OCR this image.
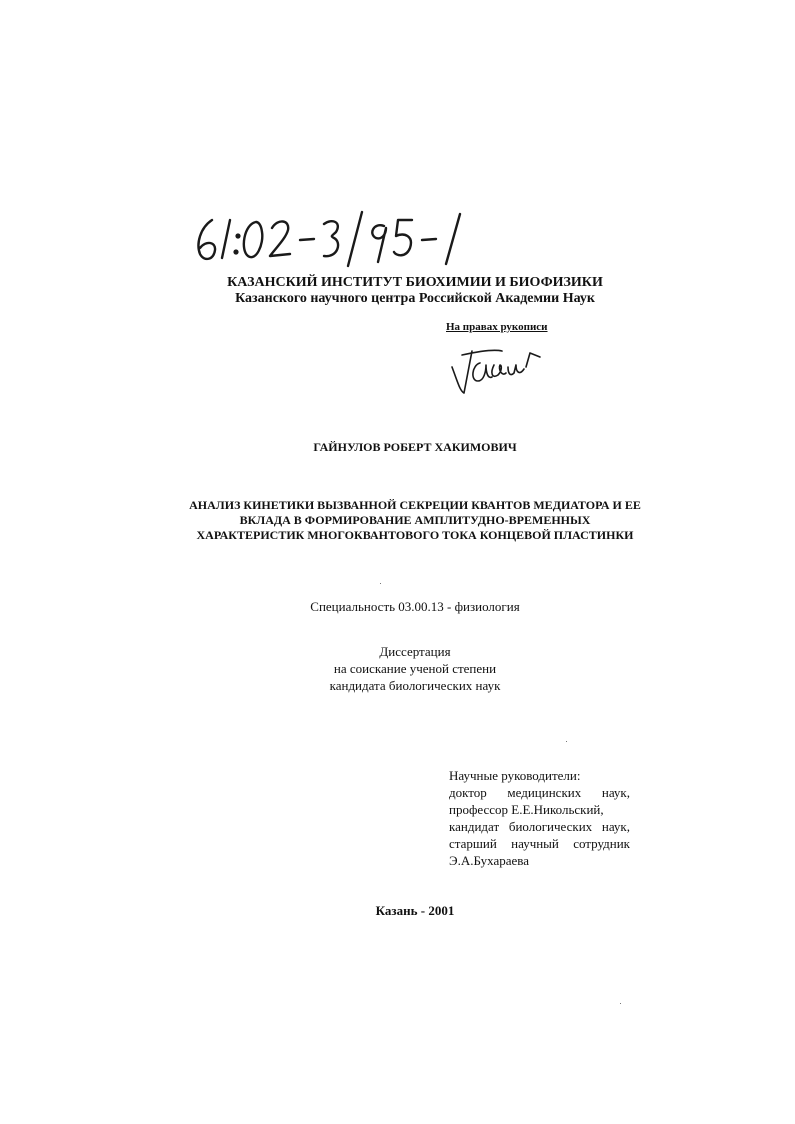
КАЗАНСКИЙ ИНСТИТУТ БИОХИМИИ И БИОФИЗИКИ
Казанского научного центра Российской Академии Наук
На правах рукописи
ГАЙНУЛОВ РОБЕРТ ХАКИМОВИЧ
АНАЛИЗ КИНЕТИКИ ВЫЗВАННОЙ СЕКРЕЦИИ КВАНТОВ МЕДИАТОРА И ЕЕ
ВКЛАДА В ФОРМИРОВАНИЕ АМПЛИТУДНО-ВРЕМЕННЫХ
ХАРАКТЕРИСТИК МНОГОКВАНТОВОГО ТОКА КОНЦЕВОЙ ПЛАСТИНКИ
Специальность 03.00.13 - физиология
Диссертация
на соискание ученой степени
кандидата биологических наук
Научные руководители:
доктор медицинских наук,
профессор Е.Е.Никольский,
кандидат биологических наук,
старший научный сотрудник
Э.А.Бухараева
Казань - 2001
